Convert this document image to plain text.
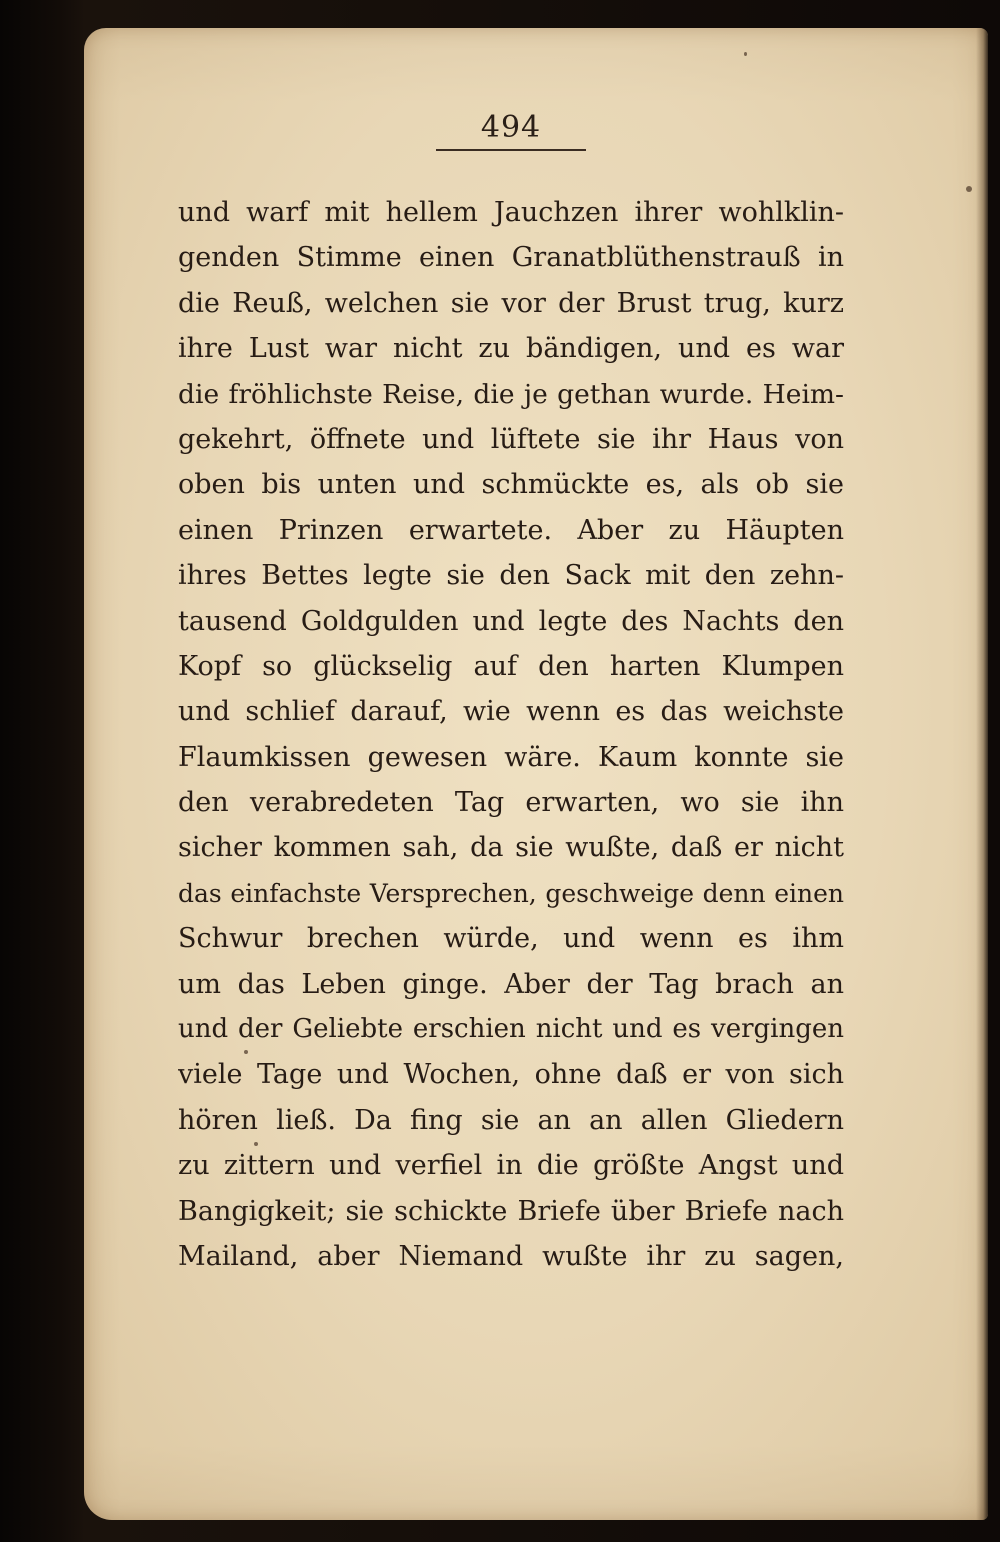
494
und warf mit hellem Jauchzen ihrer wohlklin-
genden Stimme einen Granatblüthenstrauß in
die Reuß, welchen sie vor der Brust trug, kurz
ihre Lust war nicht zu bändigen, und es war
die fröhlichste Reise, die je gethan wurde. Heim-
gekehrt, öffnete und lüftete sie ihr Haus von
oben bis unten und schmückte es, als ob sie
einen Prinzen erwartete. Aber zu Häupten
ihres Bettes legte sie den Sack mit den zehn-
tausend Goldgulden und legte des Nachts den
Kopf so glückselig auf den harten Klumpen
und schlief darauf, wie wenn es das weichste
Flaumkissen gewesen wäre. Kaum konnte sie
den verabredeten Tag erwarten, wo sie ihn
sicher kommen sah, da sie wußte, daß er nicht
das einfachste Versprechen, geschweige denn einen
Schwur brechen würde, und wenn es ihm
um das Leben ginge. Aber der Tag brach an
und der Geliebte erschien nicht und es vergingen
viele Tage und Wochen, ohne daß er von sich
hören ließ. Da fing sie an an allen Gliedern
zu zittern und verfiel in die größte Angst und
Bangigkeit; sie schickte Briefe über Briefe nach
Mailand, aber Niemand wußte ihr zu sagen,
